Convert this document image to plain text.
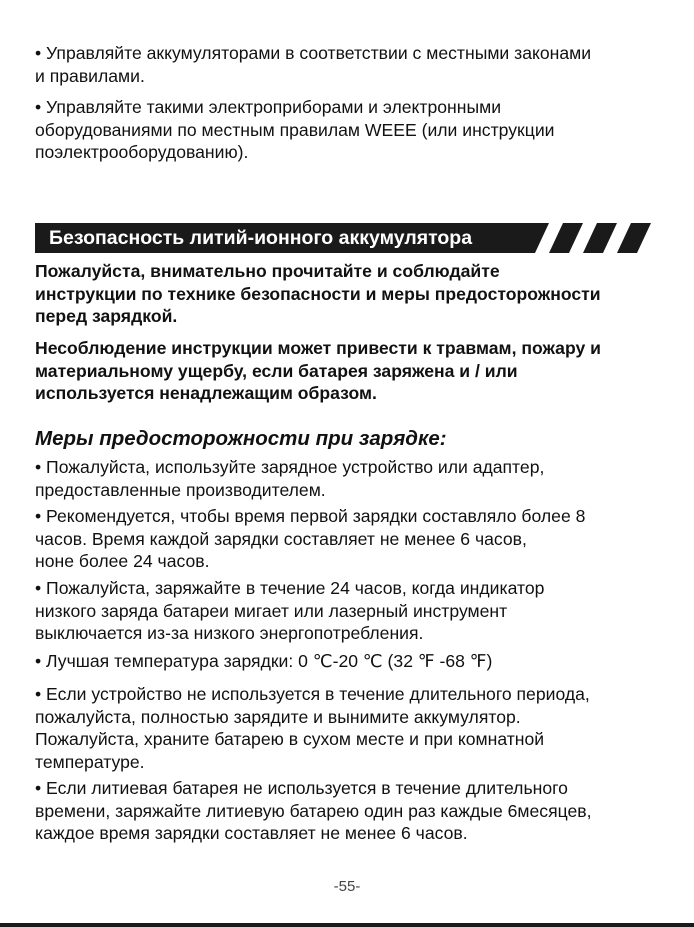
• Управляйте аккумуляторами в соответствии с местными законами
и правилами.

• Управляйте такими электроприборами и электронными
оборудованиями по местным правилам WEEE (или инструкции
поэлектрооборудованию).

Безопасность литий-ионного аккумулятора

Пожалуйста, внимательно прочитайте и соблюдайте
инструкции по технике безопасности и меры предосторожности
перед зарядкой.

Несоблюдение инструкции может привести к травмам, пожару и
материальному ущербу, если батарея заряжена и / или
используется ненадлежащим образом.

Меры предосторожности при зарядке:

• Пожалуйста, используйте зарядное устройство или адаптер,
предоставленные производителем.

• Рекомендуется, чтобы время первой зарядки составляло более 8
часов. Время каждой зарядки составляет не менее 6 часов,
ноне более 24 часов.

• Пожалуйста, заряжайте в течение 24 часов, когда индикатор
низкого заряда батареи мигает или лазерный инструмент
выключается из-за низкого энергопотребления.

• Лучшая температура зарядки: 0 ℃-20 ℃ (32 ℉ -68 ℉)

• Если устройство не используется в течение длительного периода,
пожалуйста, полностью зарядите и вынимите аккумулятор.
Пожалуйста, храните батарею в сухом месте и при комнатной
температуре.

• Если литиевая батарея не используется в течение длительного
времени, заряжайте литиевую батарею один раз каждые 6месяцев,
каждое время зарядки составляет не менее 6 часов.

-55-
